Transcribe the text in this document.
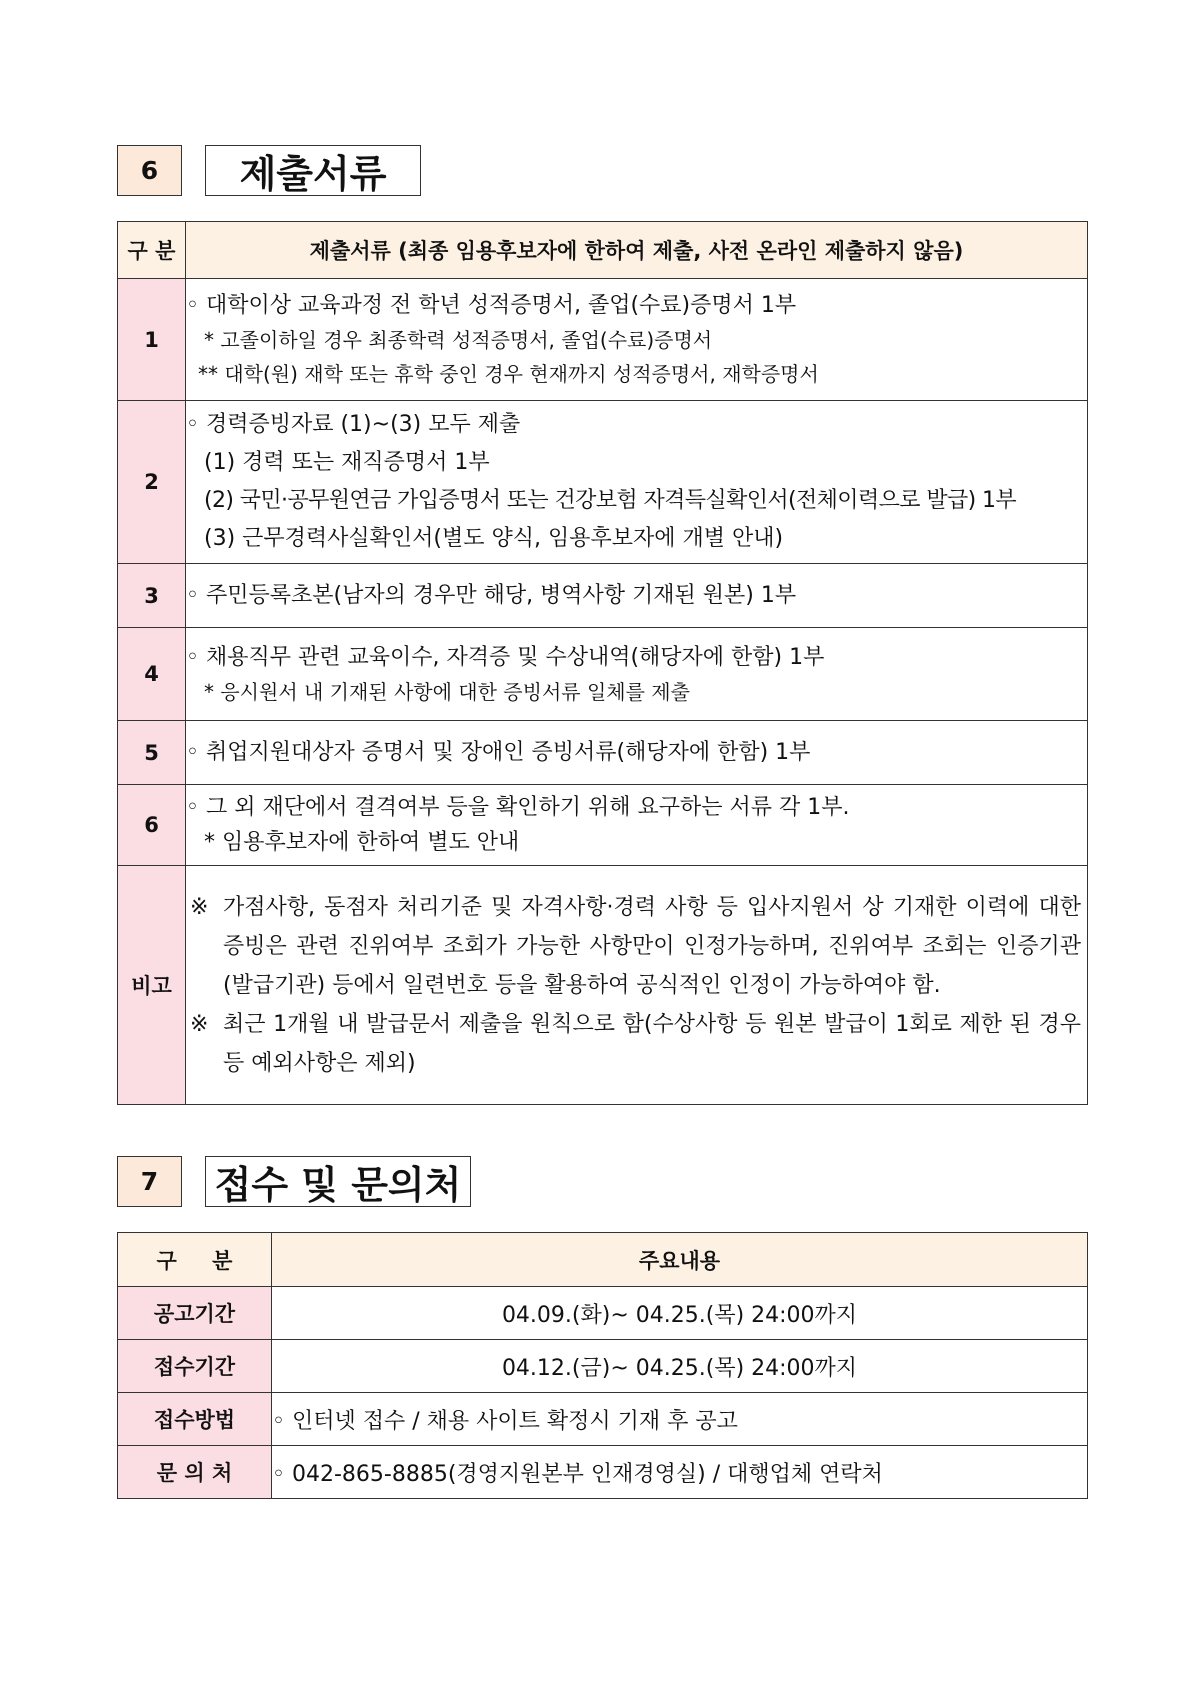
6	제출서류
구 분	제출서류 (최종 임용후보자에 한하여 제출, 사전 온라인 제출하지 않음)
1	◦ 대학이상 교육과정 전 학년 성적증명서, 졸업(수료)증명서 1부
* 고졸이하일 경우 최종학력 성적증명서, 졸업(수료)증명서
** 대학(원) 재학 또는 휴학 중인 경우 현재까지 성적증명서, 재학증명서

2	◦ 경력증빙자료 (1)~(3) 모두 제출
(1) 경력 또는 재직증명서 1부
(2) 국민·공무원연금 가입증명서 또는 건강보험 자격득실확인서(전체이력으로 발급) 1부
(3) 근무경력사실확인서(별도 양식, 임용후보자에 개별 안내)

3	◦ 주민등록초본(남자의 경우만 해당, 병역사항 기재된 원본) 1부

4	◦ 채용직무 관련 교육이수, 자격증 및 수상내역(해당자에 한함) 1부
* 응시원서 내 기재된 사항에 대한 증빙서류 일체를 제출

5	◦ 취업지원대상자 증명서 및 장애인 증빙서류(해당자에 한함) 1부

6	◦ 그 외 재단에서 결격여부 등을 확인하기 위해 요구하는 서류 각 1부.
* 임용후보자에 한하여 별도 안내

비고	※ 가점사항, 동점자 처리기준 및 자격사항·경력 사항 등 입사지원서 상 기재한 이력에 대한 증빙은 관련 진위여부 조회가 가능한 사항만이 인정가능하며, 진위여부 조회는 인증기관(발급기관) 등에서 일련번호 등을 활용하여 공식적인 인정이 가능하여야 함.
※ 최근 1개월 내 발급문서 제출을 원칙으로 함(수상사항 등 원본 발급이 1회로 제한 된 경우 등 예외사항은 제외)
7	접수 및 문의처
구 분	주요내용
공고기간	04.09.(화)~ 04.25.(목) 24:00까지
접수기간	04.12.(금)~ 04.25.(목) 24:00까지
접수방법	◦ 인터넷 접수 / 채용 사이트 확정시 기재 후 공고
문 의 처	◦ 042-865-8885(경영지원본부 인재경영실) / 대행업체 연락처
